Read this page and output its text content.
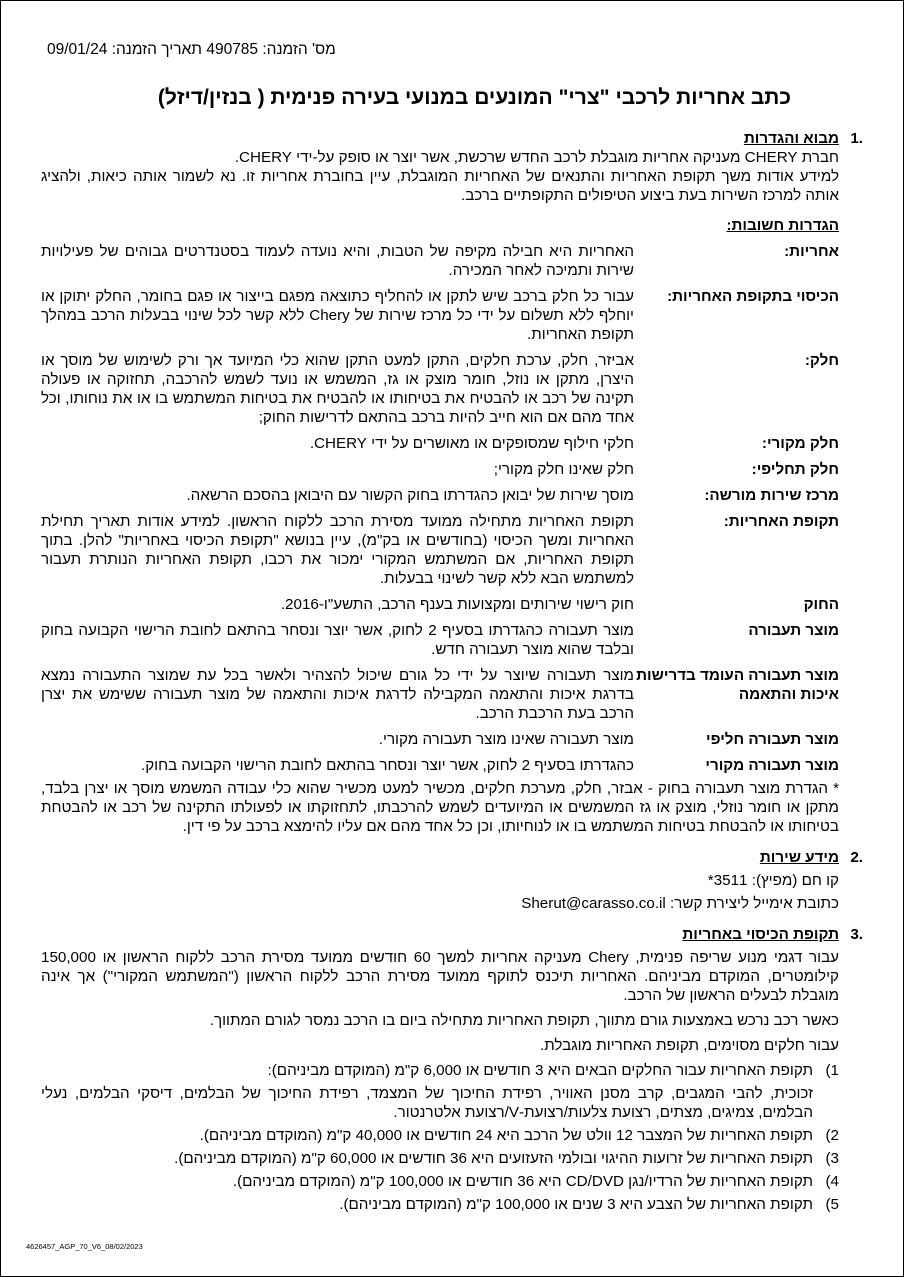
מס' הזמנה: 490785 תאריך הזמנה: 09/01/24
כתב אחריות לרכבי "צרי" המונעים במנועי בעירה פנימית ( בנזין/דיזל)
1.
מבוא והגדרות

חברת CHERY מעניקה אחריות מוגבלת לרכב החדש שרכשת, אשר יוצר או סופק על-ידי CHERY.

למידע אודות משך תקופת האחריות והתנאים של האחריות המוגבלת, עיין בחוברת אחריות זו. נא לשמור אותה כיאות, ולהציג אותה למרכז השירות בעת ביצוע הטיפולים התקופתיים ברכב.

הגדרות חשובות:
אחריות:
האחריות היא חבילה מקיפה של הטבות, והיא נועדה לעמוד בסטנדרטים גבוהים של פעילויות שירות ותמיכה לאחר המכירה.
הכיסוי בתקופת האחריות:
עבור כל חלק ברכב שיש לתקן או להחליף כתוצאה מפגם בייצור או פגם בחומר, החלק יתוקן או יוחלף ללא תשלום על ידי כל מרכז שירות של Chery ללא קשר לכל שינוי בבעלות הרכב במהלך תקופת האחריות.
חלק:
אביזר, חלק, ערכת חלקים, התקן למעט התקן שהוא כלי המיועד אך ורק לשימוש של מוסך או היצרן, מתקן או נוזל, חומר מוצק או גז, המשמש או נועד לשמש להרכבה, תחזוקה או פעולה תקינה של רכב או להבטיח את בטיחותו או להבטיח את בטיחות המשתמש בו או את נוחותו, וכל אחד מהם אם הוא חייב להיות ברכב בהתאם לדרישות החוק;
חלק מקורי:
חלקי חילוף שמסופקים או מאושרים על ידי CHERY.
חלק תחליפי:
חלק שאינו חלק מקורי;
מרכז שירות מורשה:
מוסך שירות של יבואן כהגדרתו בחוק הקשור עם היבואן בהסכם הרשאה.
תקופת האחריות:
תקופת האחריות מתחילה ממועד מסירת הרכב ללקוח הראשון. למידע אודות תאריך תחילת האחריות ומשך הכיסוי (בחודשים או בק"מ), עיין בנושא "תקופת הכיסוי באחריות" להלן. בתוך תקופת האחריות, אם המשתמש המקורי ימכור את רכבו, תקופת האחריות הנותרת תעבור למשתמש הבא ללא קשר לשינוי בבעלות.
החוק
חוק רישוי שירותים ומקצועות בענף הרכב, התשע"ו-2016.
מוצר תעבורה
מוצר תעבורה כהגדרתו בסעיף 2 לחוק, אשר יוצר ונסחר בהתאם לחובת הרישוי הקבועה בחוק ובלבד שהוא מוצר תעבורה חדש.
מוצר תעבורה העומד בדרישות איכות והתאמה
מוצר תעבורה שיוצר על ידי כל גורם שיכול להצהיר ולאשר בכל עת שמוצר התעבורה נמצא בדרגת איכות והתאמה המקבילה לדרגת איכות והתאמה של מוצר תעבורה ששימש את יצרן הרכב בעת הרכבת הרכב.
מוצר תעבורה חליפי
מוצר תעבורה שאינו מוצר תעבורה מקורי.
מוצר תעבורה מקורי
כהגדרתו בסעיף 2 לחוק, אשר יוצר ונסחר בהתאם לחובת הרישוי הקבועה בחוק.

* הגדרת מוצר תעבורה בחוק - אבזר, חלק, מערכת חלקים, מכשיר למעט מכשיר שהוא כלי עבודה המשמש מוסך או יצרן בלבד, מתקן או חומר נוזלי, מוצק או גז המשמשים או המיועדים לשמש להרכבתו, לתחזוקתו או לפעולתו התקינה של רכב או להבטחת בטיחותו או להבטחת בטיחות המשתמש בו או לנוחיותו, וכן כל אחד מהם אם עליו להימצא ברכב על פי דין.

2.
מידע שירות

קו חם (מפיץ): 3511*

כתובת אימייל ליצירת קשר: Sherut@carasso.co.il

3.
תקופת הכיסוי באחריות

עבור דגמי מנוע שריפה פנימית, Chery מעניקה אחריות למשך 60 חודשים ממועד מסירת הרכב ללקוח הראשון או 150,000 קילומטרים, המוקדם מביניהם. האחריות תיכנס לתוקף ממועד מסירת הרכב ללקוח הראשון ("המשתמש המקורי") אך אינה מוגבלת לבעלים הראשון של הרכב.

כאשר רכב נרכש באמצעות גורם מתווך, תקופת האחריות מתחילה ביום בו הרכב נמסר לגורם המתווך.

עבור חלקים מסוימים, תקופת האחריות מוגבלת.

1)
תקופת האחריות עבור החלקים הבאים היא 3 חודשים או 6,000 ק"מ (המוקדם מביניהם):
זכוכית, להבי המגבים, קרב מסנן האוויר, רפידת החיכוך של המצמד, רפידת החיכוך של הבלמים, דיסקי הבלמים, נעלי הבלמים, צמיגים, מצתים, רצועת צלעות/רצועת-V/רצועת אלטרנטור.
2)
תקופת האחריות של המצבר 12 וולט של הרכב היא 24 חודשים או 40,000 ק"מ (המוקדם מביניהם).
3)
תקופת האחריות של זרועות ההיגוי ובולמי הזעזועים היא 36 חודשים או 60,000 ק"מ (המוקדם מביניהם).
4)
תקופת האחריות של הרדיו/נגן CD/DVD היא 36 חודשים או 100,000 ק"מ (המוקדם מביניהם).
5)
תקופת האחריות של הצבע היא 3 שנים או 100,000 ק"מ (המוקדם מביניהם).
4626457_AGP_70_V6_08/02/2023
